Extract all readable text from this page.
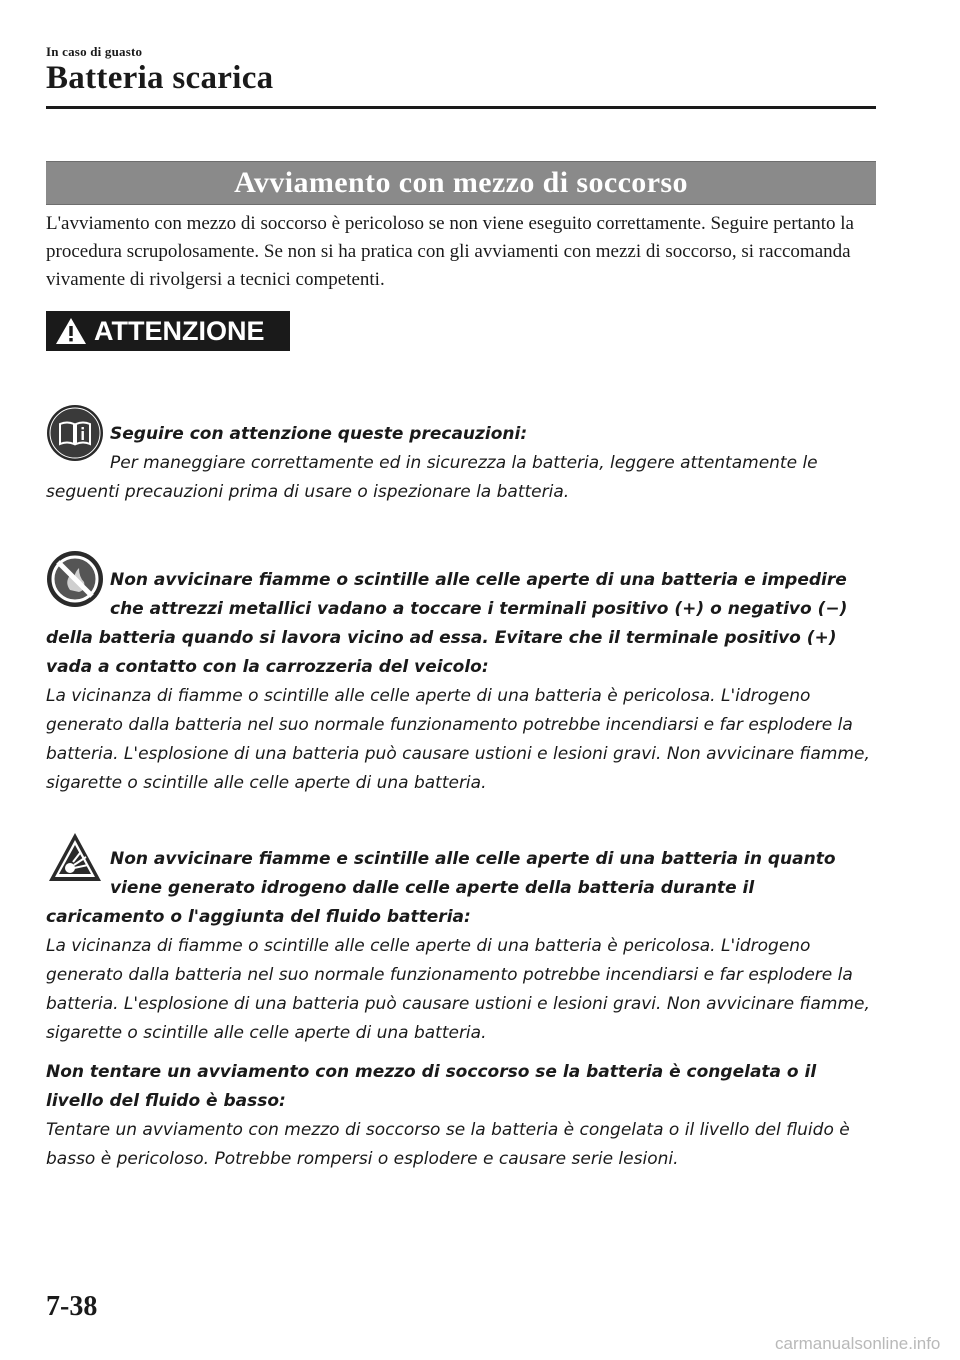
In caso di guasto
Batteria scarica
Avviamento con mezzo di soccorso

L'avviamento con mezzo di soccorso è pericoloso se non viene eseguito correttamente. Seguire pertanto la procedura scrupolosamente. Se non si ha pratica con gli avviamenti con mezzi di soccorso, si raccomanda vivamente di rivolgersi a tecnici competenti.

ATTENZIONE

Seguire con attenzione queste precauzioni:
Per maneggiare correttamente ed in sicurezza la batteria, leggere attentamente le seguenti precauzioni prima di usare o ispezionare la batteria.

Non avvicinare fiamme o scintille alle celle aperte di una batteria e impedire che attrezzi metallici vadano a toccare i terminali positivo (+) o negativo (−) della batteria quando si lavora vicino ad essa. Evitare che il terminale positivo (+) vada a contatto con la carrozzeria del veicolo:
La vicinanza di fiamme o scintille alle celle aperte di una batteria è pericolosa. L'idrogeno generato dalla batteria nel suo normale funzionamento potrebbe incendiarsi e far esplodere la batteria. L'esplosione di una batteria può causare ustioni e lesioni gravi. Non avvicinare fiamme, sigarette o scintille alle celle aperte di una batteria.

Non avvicinare fiamme e scintille alle celle aperte di una batteria in quanto viene generato idrogeno dalle celle aperte della batteria durante il caricamento o l'aggiunta del fluido batteria:
La vicinanza di fiamme o scintille alle celle aperte di una batteria è pericolosa. L'idrogeno generato dalla batteria nel suo normale funzionamento potrebbe incendiarsi e far esplodere la batteria. L'esplosione di una batteria può causare ustioni e lesioni gravi. Non avvicinare fiamme, sigarette o scintille alle celle aperte di una batteria.

Non tentare un avviamento con mezzo di soccorso se la batteria è congelata o il livello del fluido è basso:
Tentare un avviamento con mezzo di soccorso se la batteria è congelata o il livello del fluido è basso è pericoloso. Potrebbe rompersi o esplodere e causare serie lesioni.

7-38
carmanualsonline.info
